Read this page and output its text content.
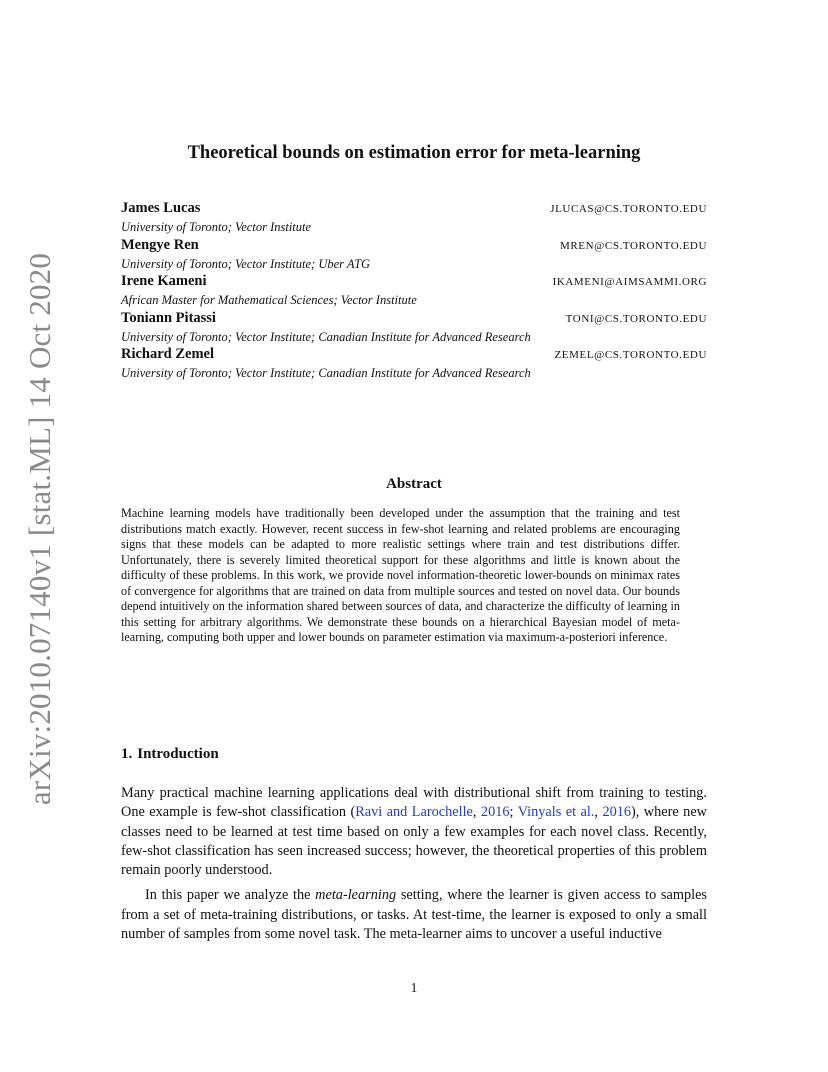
arXiv:2010.07140v1 [stat.ML] 14 Oct 2020
Theoretical bounds on estimation error for meta-learning
James Lucas	JLUCAS@CS.TORONTO.EDU
University of Toronto; Vector Institute
Mengye Ren	MREN@CS.TORONTO.EDU
University of Toronto; Vector Institute; Uber ATG
Irene Kameni	IKAMENI@AIMSAMMI.ORG
African Master for Mathematical Sciences; Vector Institute
Toniann Pitassi	TONI@CS.TORONTO.EDU
University of Toronto; Vector Institute; Canadian Institute for Advanced Research
Richard Zemel	ZEMEL@CS.TORONTO.EDU
University of Toronto; Vector Institute; Canadian Institute for Advanced Research
Abstract

Machine learning models have traditionally been developed under the assumption that the training and test distributions match exactly. However, recent success in few-shot learning and related problems are encouraging signs that these models can be adapted to more realistic settings where train and test distributions differ. Unfortunately, there is severely limited theoretical support for these algorithms and little is known about the difficulty of these problems. In this work, we provide novel information-theoretic lower-bounds on minimax rates of convergence for algorithms that are trained on data from multiple sources and tested on novel data. Our bounds depend intuitively on the information shared between sources of data, and characterize the difficulty of learning in this setting for arbitrary algorithms. We demonstrate these bounds on a hierarchical Bayesian model of meta-learning, computing both upper and lower bounds on parameter estimation via maximum-a-posteriori inference.

1. Introduction

Many practical machine learning applications deal with distributional shift from training to testing. One example is few-shot classification (Ravi and Larochelle, 2016; Vinyals et al., 2016), where new classes need to be learned at test time based on only a few examples for each novel class. Recently, few-shot classification has seen increased success; however, the theoretical properties of this problem remain poorly understood.

In this paper we analyze the meta-learning setting, where the learner is given access to samples from a set of meta-training distributions, or tasks. At test-time, the learner is exposed to only a small number of samples from some novel task. The meta-learner aims to uncover a useful inductive

1
